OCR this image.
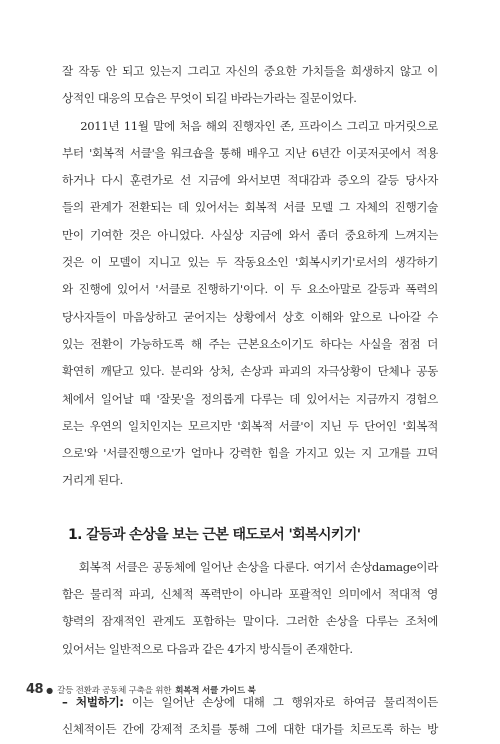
잘 작동 안 되고 있는지 그리고 자신의 중요한 가치들을 희생하지 않고 이

상적인 대응의 모습은 무엇이 되길 바라는가라는 질문이었다.

2011년 11월 말에 처음 해외 진행자인 존, 프라이스 그리고 마거릿으로

부터 '회복적 서클'을 워크숍을 통해 배우고 지난 6년간 이곳저곳에서 적용

하거나 다시 훈련가로 선 지금에 와서보면 적대감과 증오의 갈등 당사자

들의 관계가 전환되는 데 있어서는 회복적 서클 모델 그 자체의 진행기술

만이 기여한 것은 아니었다. 사실상 지금에 와서 좀더 중요하게 느껴지는

것은 이 모델이 지니고 있는 두 작동요소인 '회복시키기'로서의 생각하기

와 진행에 있어서 '서클로 진행하기'이다. 이 두 요소아말로 갈등과 폭력의

당사자들이 마음상하고 굳어지는 상황에서 상호 이해와 앞으로 나아갈 수

있는 전환이 가능하도록 해 주는 근본요소이기도 하다는 사실을 점점 더

확연히 깨닫고 있다. 분리와 상처, 손상과 파괴의 자극상황이 단체나 공동

체에서 일어날 때 '잘못'을 정의롭게 다루는 데 있어서는 지금까지 경험으

로는 우연의 일치인지는 모르지만 '회복적 서클'이 지닌 두 단어인 '회복적

으로'와 '서클진행으로'가 얼마나 강력한 힘을 가지고 있는 지 고개를 끄덕

거리게 된다.

1. 갈등과 손상을 보는 근본 태도로서 '회복시키기'

회복적 서클은 공동체에 일어난 손상을 다룬다. 여기서 손상damage이라

함은 물리적 파괴, 신체적 폭력만이 아니라 포괄적인 의미에서 적대적 영

향력의 잠재적인 관계도 포함하는 말이다. 그러한 손상을 다루는 조처에

있어서는 일반적으로 다음과 같은 4가지 방식들이 존재한다.

– 처벌하기: 이는 일어난 손상에 대해 그 행위자로 하여금 물리적이든

신체적이든 간에 강제적 조치를 통해 그에 대한 대가를 치르도록 하는 방

48 ● 갈등 전환과 공동체 구축을 위한 회복적 서클 가이드 북
